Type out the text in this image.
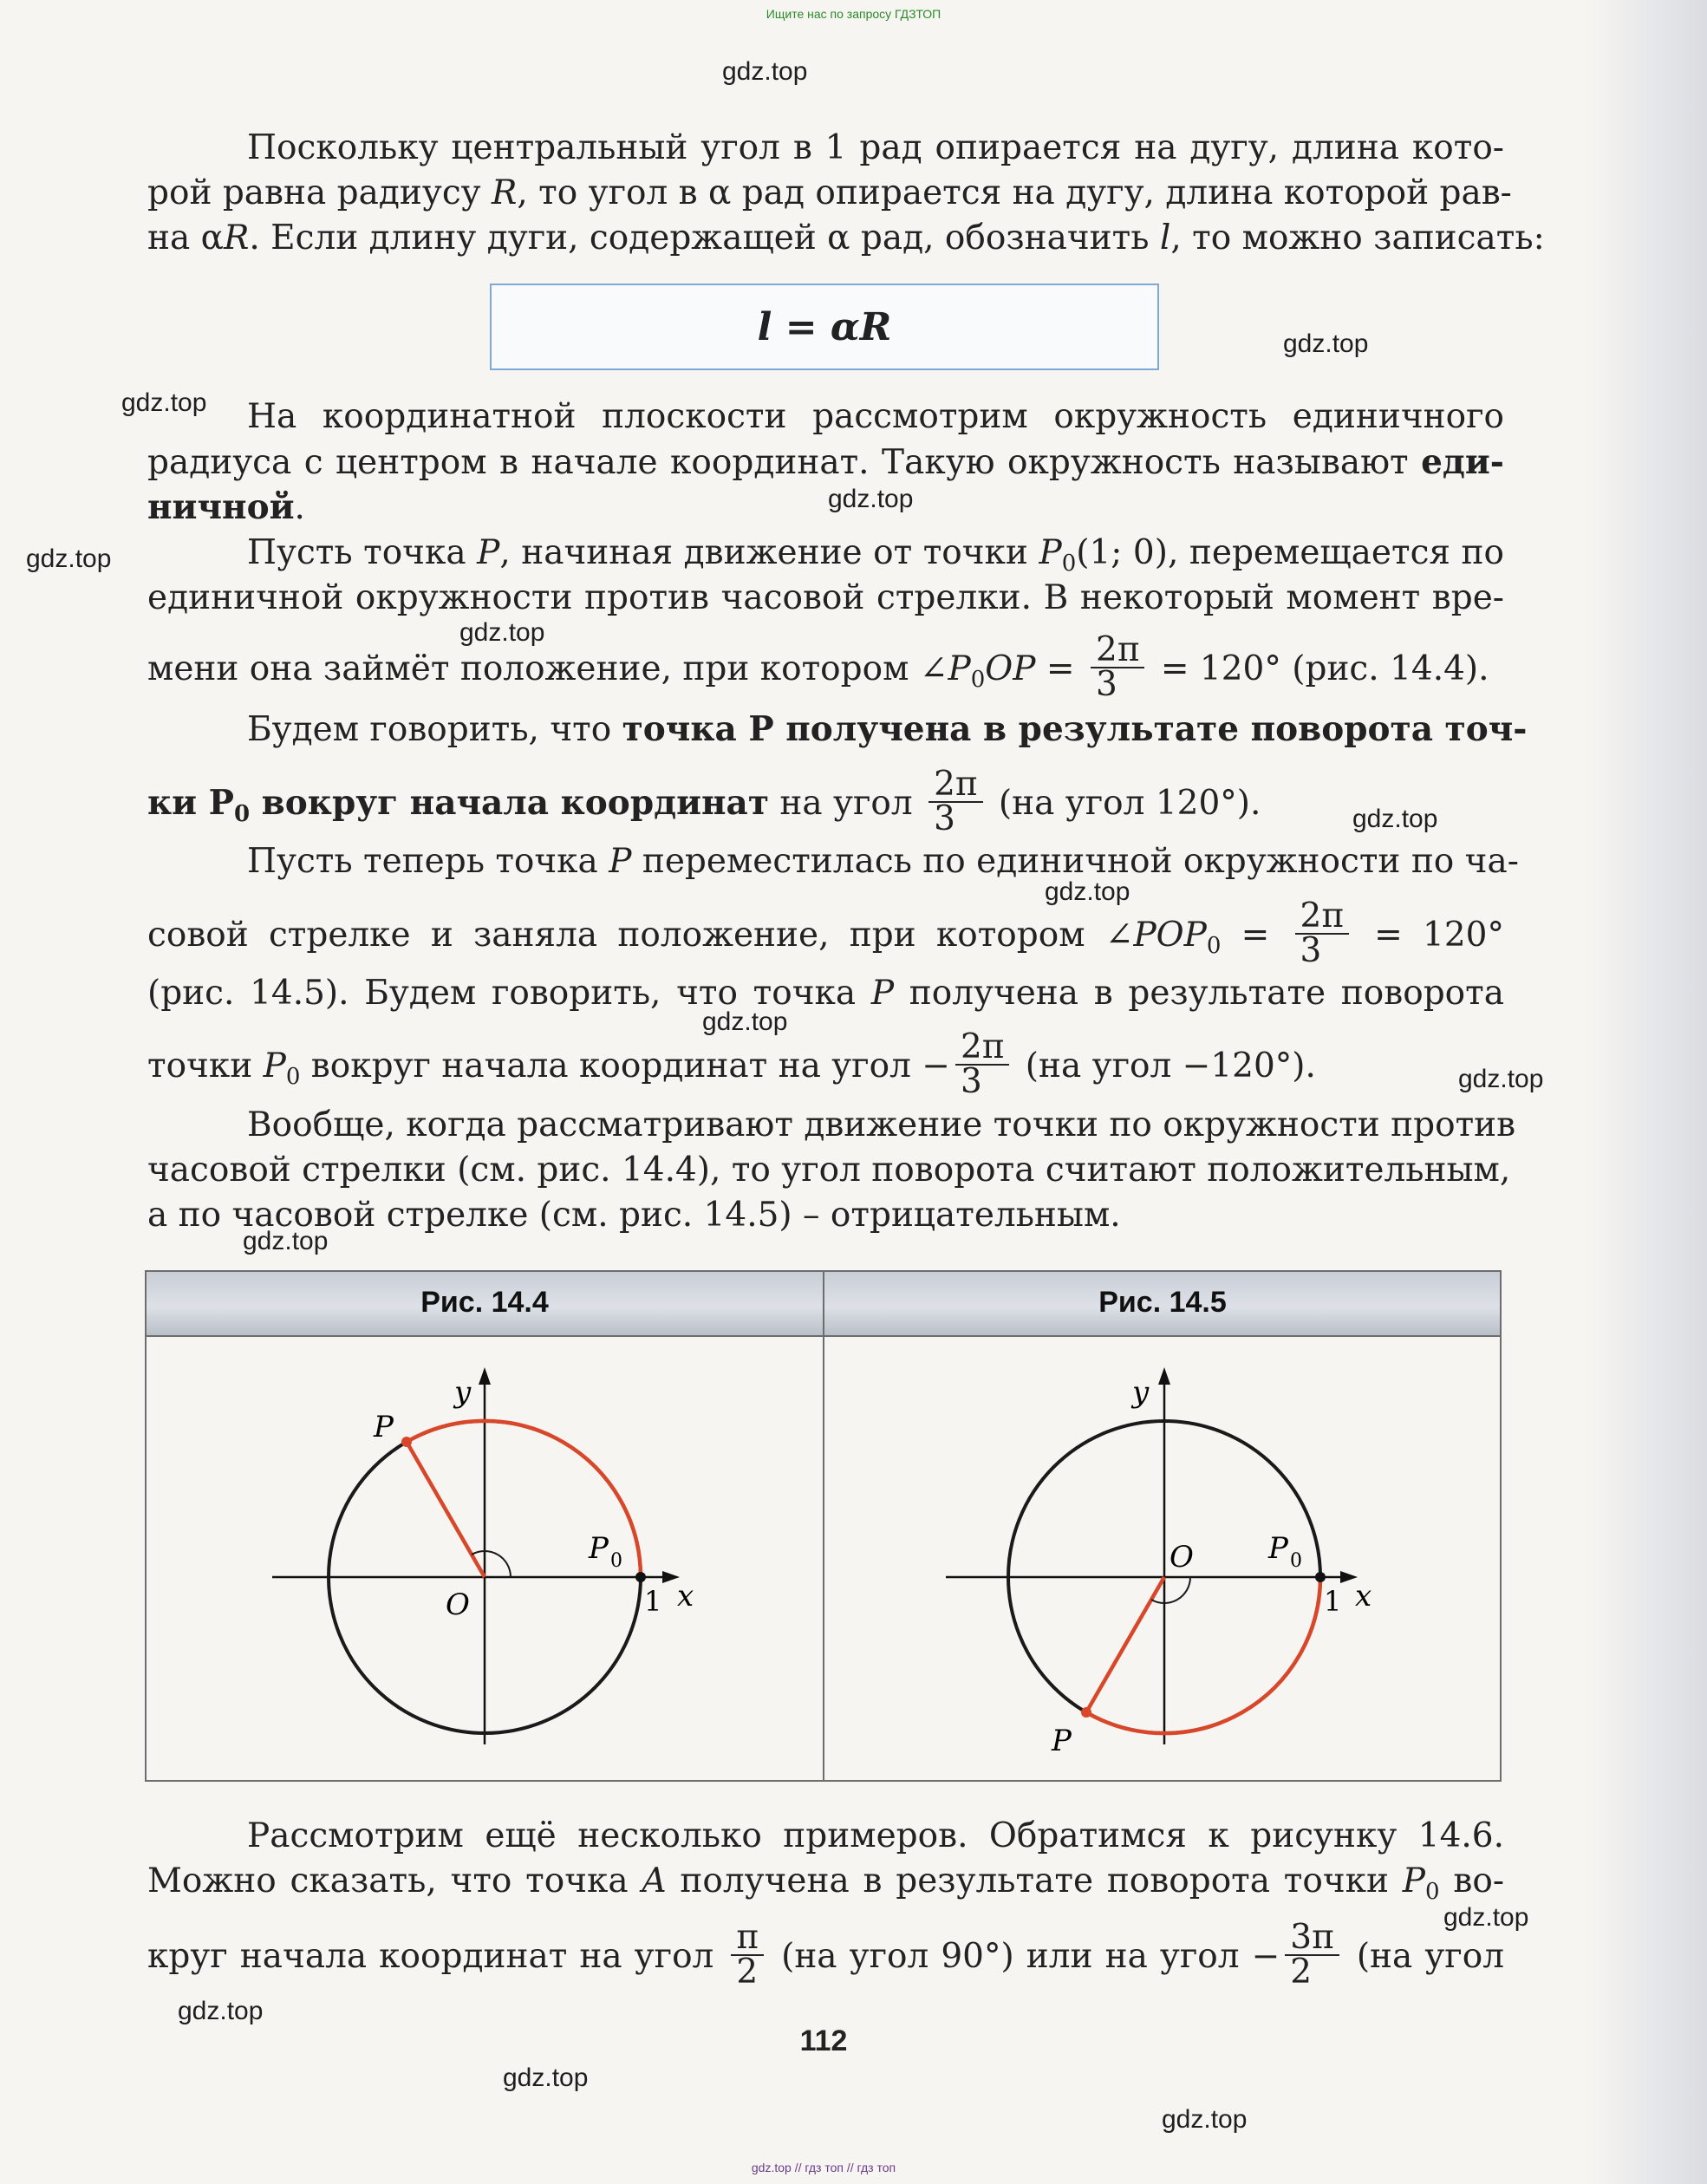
Ищите нас по запросу ГДЗТОП
gdz.top
gdz.top
gdz.top
gdz.top
gdz.top
gdz.top
gdz.top
gdz.top
gdz.top
gdz.top
gdz.top
gdz.top
gdz.top
gdz.top
gdz.top
Поскольку центральный угол в 1 рад опирается на дугу, длина кото-
рой равна радиусу R, то угол в α рад опирается на дугу, длина которой рав-
на αR. Если длину дуги, содержащей α рад, обозначить l, то можно записать:
l = αR
На координатной плоскости рассмотрим окружность единичного
радиуса с центром в начале координат. Такую окружность называют еди-
ничной.
Пусть точка P, начиная движение от точки $P_0(1$; 0), перемещается по
единичной окружности против часовой стрелки. В некоторый момент вре-
мени она займёт положение, при котором $\angle P_0OP = \frac{2\pi}{3} = 120^\circ$ (рис. 14.4).
Будем говорить, что точка P получена в результате поворота точ-
ки $P_0$ вокруг начала координат на угол $\frac{2\pi}{3} (на$ угол 120°).
Пусть теперь точка P переместилась по единичной окружности по ча-
совой стрелке и заняла положение, при котором $\angle POP_0 = \frac{2\pi}{3} = 120^\circ$
(рис. 14.5). Будем говорить, что точка P получена в результате поворота
точки $P_0$ вокруг начала координат на угол − $\frac{2\pi}{3} (на$ угол −120°).
Вообще, когда рассматривают движение точки по окружности против
часовой стрелки (см. рис. 14.4), то угол поворота считают положительным,
а по часовой стрелке (см. рис. 14.5) – отрицательным.
Рис. 14.4	Рис. 14.5
y
x
O	1
P
P 0
y
x
O
1
P
P 0
Рассмотрим ещё несколько примеров. Обратимся к рисунку 14.6.
Можно сказать, что точка A получена в результате поворота точки $P_0$ во-
круг начала координат на угол $\frac{\pi}{2} (на$ угол 90°) или на угол − $\frac{3\pi}{2} (на$ угол
112
gdz.top // гдз топ // гдз топ
